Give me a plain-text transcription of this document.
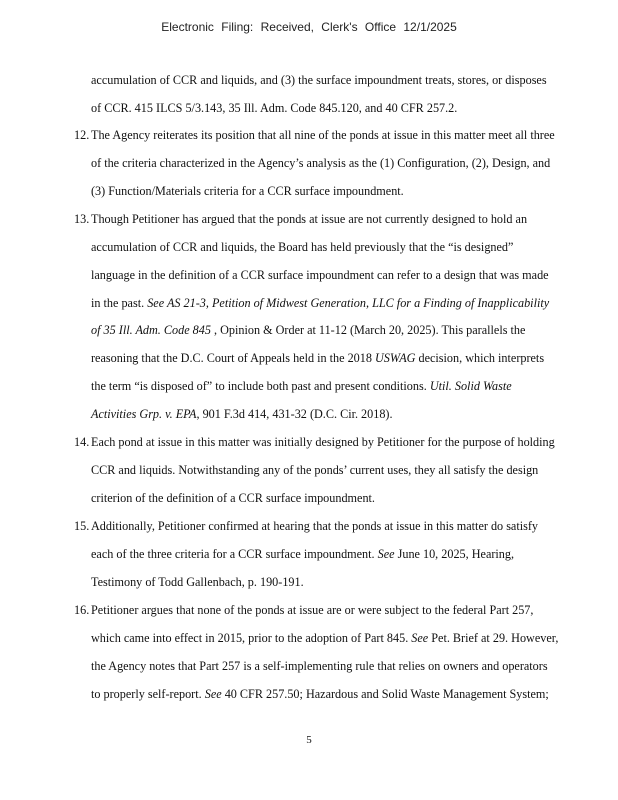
Electronic Filing: Received, Clerk's Office 12/1/2025
accumulation of CCR and liquids, and (3) the surface impoundment treats, stores, or disposes
of CCR. 415 ILCS 5/3.143, 35 Ill. Adm. Code 845.120, and 40 CFR 257.2.
12. The Agency reiterates its position that all nine of the ponds at issue in this matter meet all three
of the criteria characterized in the Agency’s analysis as the (1) Configuration, (2), Design, and
(3) Function/Materials criteria for a CCR surface impoundment.
13. Though Petitioner has argued that the ponds at issue are not currently designed to hold an
accumulation of CCR and liquids, the Board has held previously that the “is designed”
language in the definition of a CCR surface impoundment can refer to a design that was made
in the past. See AS 21-3, Petition of Midwest Generation, LLC for a Finding of Inapplicability
of 35 Ill. Adm. Code 845 , Opinion & Order at 11-12 (March 20, 2025). This parallels the
reasoning that the D.C. Court of Appeals held in the 2018 USWAG decision, which interprets
the term “is disposed of” to include both past and present conditions. Util. Solid Waste
Activities Grp. v. EPA, 901 F.3d 414, 431-32 (D.C. Cir. 2018).
14. Each pond at issue in this matter was initially designed by Petitioner for the purpose of holding
CCR and liquids. Notwithstanding any of the ponds’ current uses, they all satisfy the design
criterion of the definition of a CCR surface impoundment.
15. Additionally, Petitioner confirmed at hearing that the ponds at issue in this matter do satisfy
each of the three criteria for a CCR surface impoundment. See June 10, 2025, Hearing,
Testimony of Todd Gallenbach, p. 190-191.
16. Petitioner argues that none of the ponds at issue are or were subject to the federal Part 257,
which came into effect in 2015, prior to the adoption of Part 845. See Pet. Brief at 29. However,
the Agency notes that Part 257 is a self-implementing rule that relies on owners and operators
to properly self-report. See 40 CFR 257.50; Hazardous and Solid Waste Management System;
5
